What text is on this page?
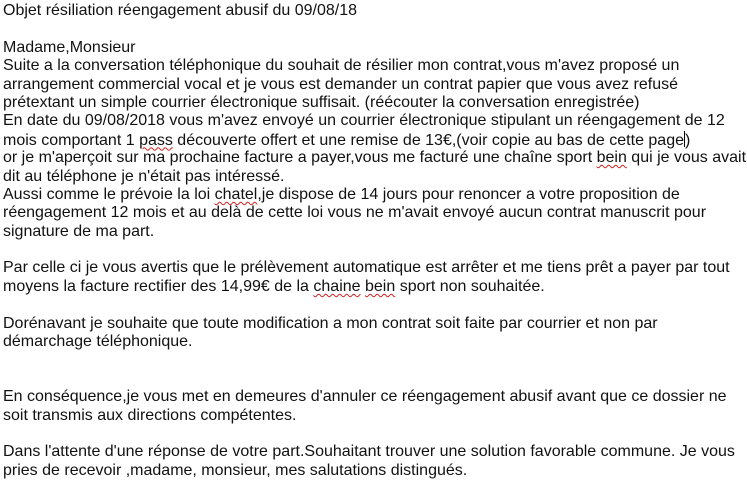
Objet résiliation réengagement abusif du 09/08/18
Madame,Monsieur
Suite a la conversation téléphonique du souhait de résilier mon contrat,vous m'avez proposé un
arrangement commercial vocal et je vous est demander un contrat papier que vous avez refusé
prétextant un simple courrier électronique suffisait. (réécouter la conversation enregistrée)
En date du 09/08/2018 vous m'avez envoyé un courrier électronique stipulant un réengagement de 12
mois comportant 1 pass découverte offert et une remise de 13€,(voir copie au bas de cette page)
or je m'aperçoit sur ma prochaine facture a payer,vous me facturé une chaîne sport bein qui je vous avait
dit au téléphone je n'était pas intéressé.
Aussi comme le prévoie la loi chatel,je dispose de 14 jours pour renoncer a votre proposition de
réengagement 12 mois et au delà de cette loi vous ne m'avait envoyé aucun contrat manuscrit pour
signature de ma part.
Par celle ci je vous avertis que le prélèvement automatique est arrêter et me tiens prêt a payer par tout
moyens la facture rectifier des 14,99€ de la chaine bein sport non souhaitée.
Dorénavant je souhaite que toute modification a mon contrat soit faite par courrier et non par
démarchage téléphonique.
En conséquence,je vous met en demeures d'annuler ce réengagement abusif avant que ce dossier ne
soit transmis aux directions compétentes.
Dans l'attente d'une réponse de votre part.Souhaitant trouver une solution favorable commune. Je vous
pries de recevoir ,madame, monsieur, mes salutations distingués.
